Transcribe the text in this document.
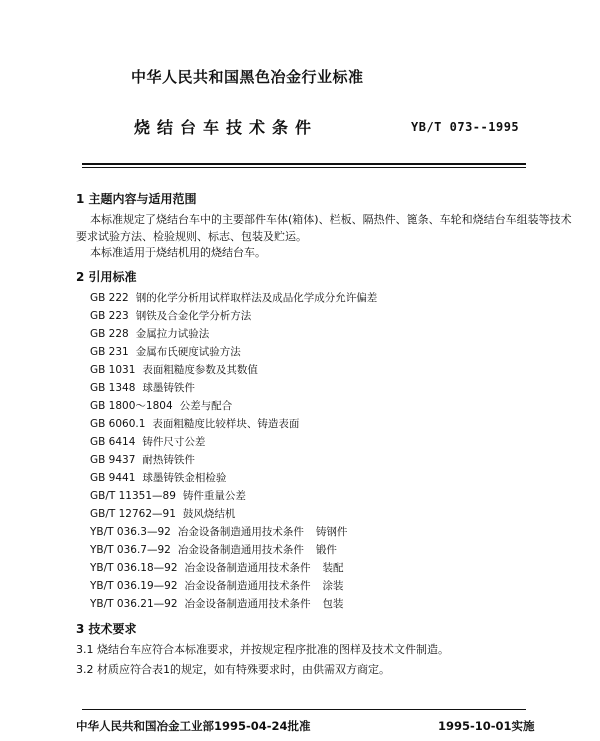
中华人民共和国黑色冶金行业标准
烧结台车技术条件	YB/T 073--1995
1 主题内容与适用范围
本标准规定了烧结台车中的主要部件车体(箱体)、栏板、隔热件、篦条、车轮和烧结台车组装等技术
要求试验方法、检验规则、标志、包装及贮运。
本标准适用于烧结机用的烧结台车。
2 引用标准
GB 222 钢的化学分析用试样取样法及成品化学成分允许偏差
GB 223 钢铁及合金化学分析方法
GB 228 金属拉力试验法
GB 231 金属布氏硬度试验方法
GB 1031 表面粗糙度参数及其数值
GB 1348 球墨铸铁件
GB 1800～1804 公差与配合
GB 6060.1 表面粗糙度比较样块、铸造表面
GB 6414 铸件尺寸公差
GB 9437 耐热铸铁件
GB 9441 球墨铸铁金相检验
GB/T 11351—89 铸件重量公差
GB/T 12762—91 鼓风烧结机
YB/T 036.3—92 冶金设备制造通用技术条件 铸钢件
YB/T 036.7—92 冶金设备制造通用技术条件 锻件
YB/T 036.18—92 冶金设备制造通用技术条件 装配
YB/T 036.19—92 冶金设备制造通用技术条件 涂装
YB/T 036.21—92 冶金设备制造通用技术条件 包装
3 技术要求
3.1 烧结台车应符合本标准要求，并按规定程序批准的图样及技术文件制造。
3.2 材质应符合表1的规定，如有特殊要求时，由供需双方商定。
中华人民共和国冶金工业部1995-04-24批准	1995-10-01实施
